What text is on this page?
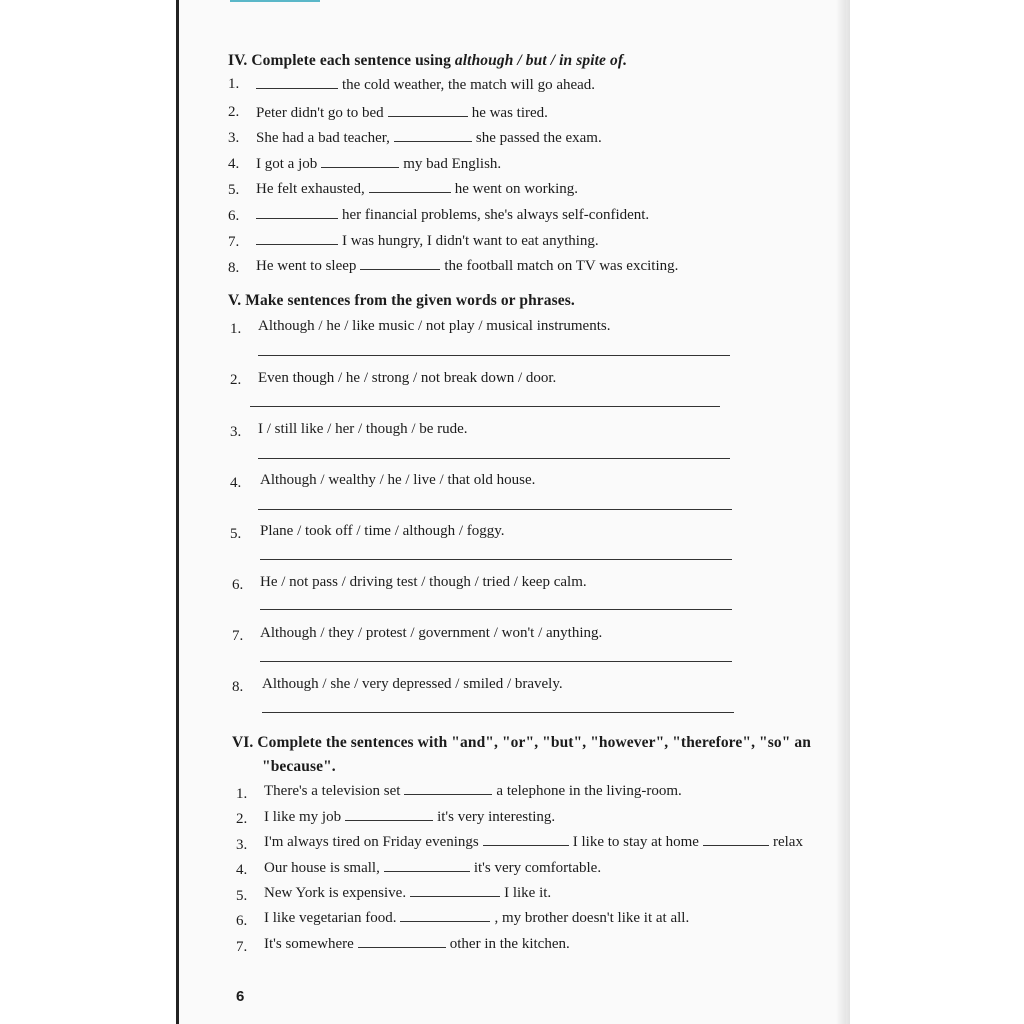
IV. Complete each sentence using although / but / in spite of.
1.	the cold weather, the match will go ahead.
2. Peter didn't go to bed	he was tired.
3. She had a bad teacher,	she passed the exam.
4. I got a job	my bad English.
5. He felt exhausted,	he went on working.
6.	her financial problems, she's always self-confident.
7.	I was hungry, I didn't want to eat anything.
8. He went to sleep	the football match on TV was exciting.
V. Make sentences from the given words or phrases.
1. Although / he / like music / not play / musical instruments.
2. Even though / he / strong / not break down / door.
3. I / still like / her / though / be rude.
4. Although / wealthy / he / live / that old house.
5. Plane / took off / time / although / foggy.
6. He / not pass / driving test / though / tried / keep calm.
7. Although / they / protest / government / won't / anything.
8. Although / she / very depressed / smiled / bravely.
VI. Complete the sentences with "and", "or", "but", "however", "therefore", "so" an
"because".
1. There's a television set	a telephone in the living-room.
2. I like my job	it's very interesting.
3. I'm always tired on Friday evenings	I like to stay at home	relax
4. Our house is small,	it's very comfortable.
5. New York is expensive.	I like it.
6. I like vegetarian food.	, my brother doesn't like it at all.
7. It's somewhere	other in the kitchen.
6
